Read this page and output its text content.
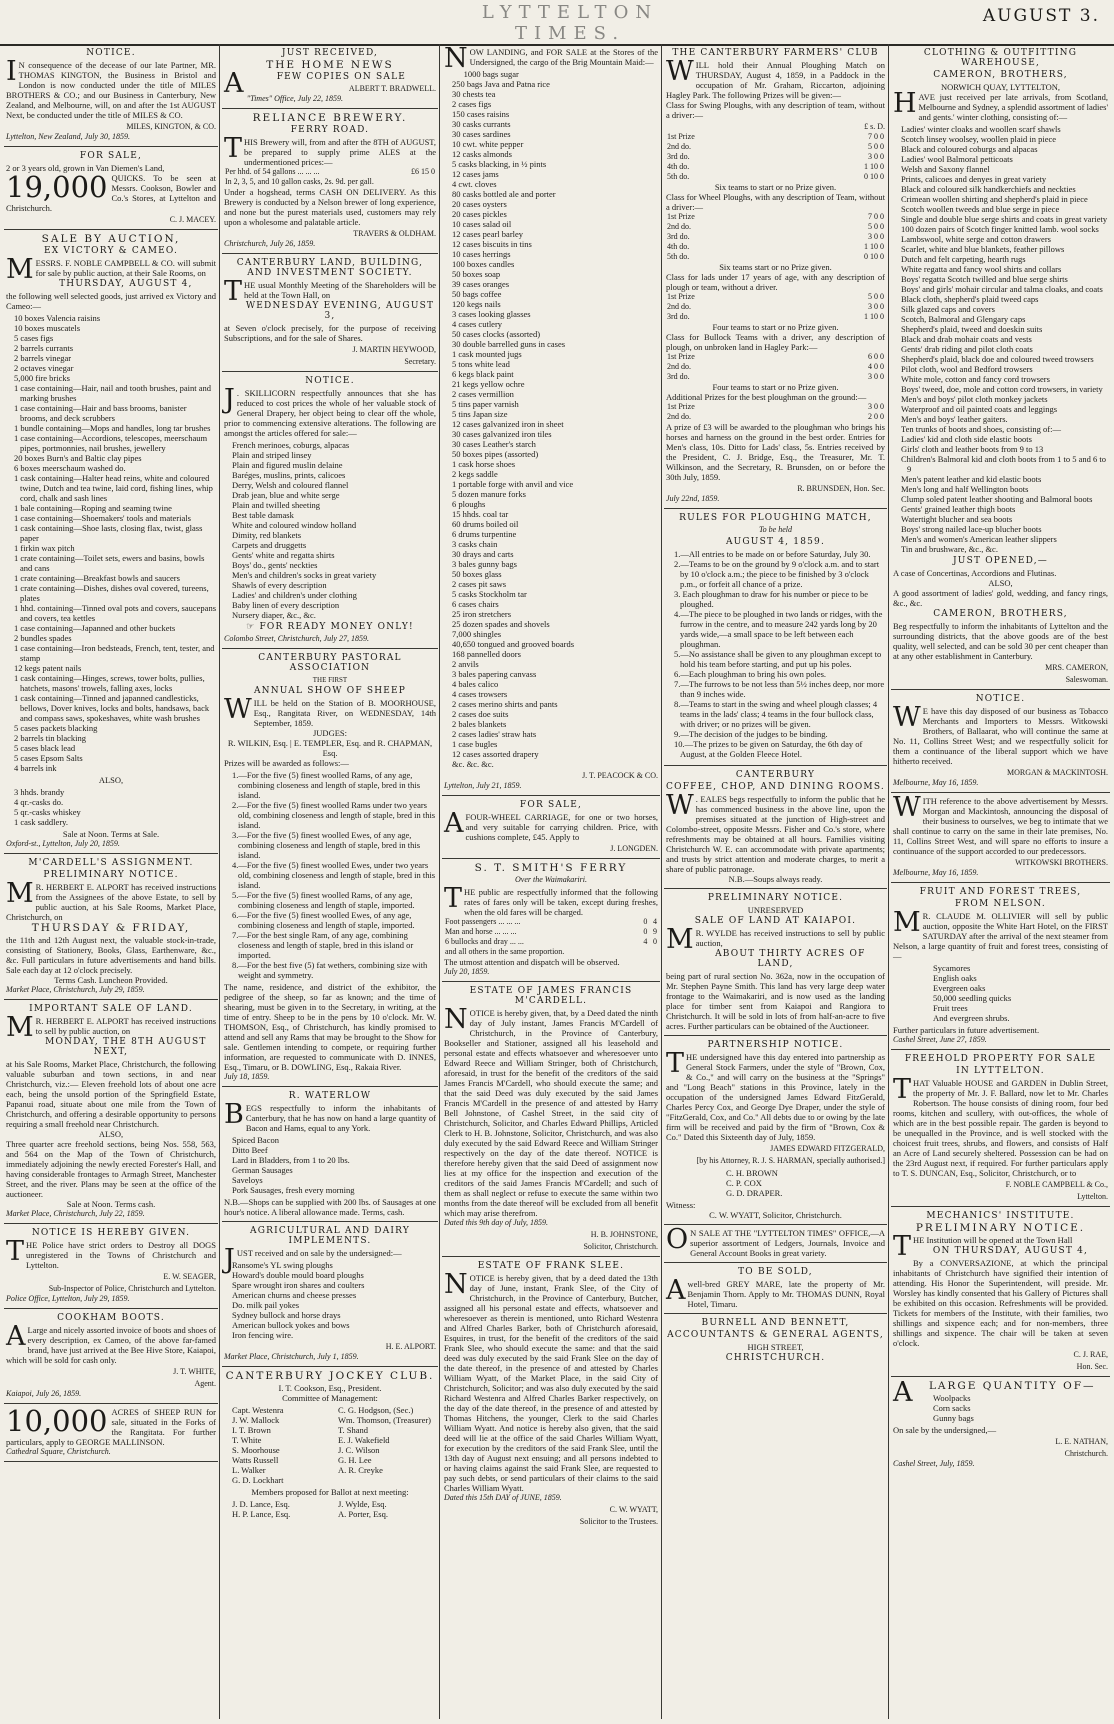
LYTTELTON TIMES.
AUGUST 3.
NOTICE.
I N consequence of the decease of our late Partner, MR. THOMAS KINGTON, the Business in Bristol and London is now conducted under the title of MILES BROTHERS & CO.; and our Business in Canterbury, New Zealand, and Melbourne, will, on and after the 1st AUGUST Next, be conducted under the title of MILES & CO.
MILES, KINGTON, & CO.
Lyttelton, New Zealand, July 30, 1859.
FOR SALE,
2 or 3 years old, grown in Van Diemen's Land,
19,000 QUICKS. To be seen at Messrs. Cookson, Bowler and Co.'s Stores, at Lyttelton and Christchurch.
C. J. MACEY.
SALE BY AUCTION,
EX VICTORY & CAMEO.
MESSRS. F. NOBLE CAMPBELL & CO. will submit for sale by public auction, at their Sale Rooms, on
THURSDAY, AUGUST 4,
the following well selected goods, just arrived ex Victory and Cameo:—
10 boxes Valencia raisins
10 boxes muscatels
5 cases figs
2 barrels currants
2 barrels vinegar
2 octaves vinegar
5,000 fire bricks
1 case containing—Hair, nail and tooth brushes, paint and marking brushes
1 case containing—Hair and bass brooms, banister brooms, and deck scrubbers
1 bundle containing—Mops and handles, long tar brushes
1 case containing—Accordions, telescopes, meerschaum pipes, portmonnies, nail brushes, jewellery
20 boxes Burn's and Baltic clay pipes
6 boxes meerschaum washed do.
1 cask containing—Halter head reins, white and coloured twine, Dutch and tea twine, laid cord, fishing lines, whip cord, chalk and sash lines
1 bale containing—Roping and seaming twine
1 case containing—Shoemakers' tools and materials
1 cask containing—Shoe lasts, closing flax, twist, glass paper
1 firkin wax pitch
1 crate containing—Toilet sets, ewers and basins, bowls and cans
1 crate containing—Breakfast bowls and saucers
1 crate containing—Dishes, dishes oval covered, tureens, plates
1 hhd. containing—Tinned oval pots and covers, saucepans and covers, tea kettles
1 case containing—Japanned and other buckets
2 bundles spades
1 case containing—Iron bedsteads, French, tent, tester, and stamp
12 kegs patent nails
1 cask containing—Hinges, screws, tower bolts, pullies, hatchets, masons' trowels, falling axes, locks
1 cask containing—Tinned and japanned candlesticks, bellows, Dover knives, locks and bolts, handsaws, back and compass saws, spokeshaves, white wash brushes
5 cases packets blacking
2 barrels tin blacking
5 cases black lead
5 cases Epsom Salts
4 barrels ink
ALSO,
3 hhds. brandy
4 qr.-casks do.
5 qr.-casks whiskey
1 cask saddlery.
Sale at Noon. Terms at Sale.
Oxford-st., Lyttelton, July 20, 1859.
M'CARDELL'S ASSIGNMENT.
PRELIMINARY NOTICE.
M R. HERBERT E. ALPORT has received instructions from the Assignees of the above Estate, to sell by public auction, at his Sale Rooms, Market Place, Christchurch, on
THURSDAY & FRIDAY,
the 11th and 12th August next, the valuable stock-in-trade, consisting of Stationery, Books, Glass, Earthenware, &c., &c. Full particulars in future advertisements and hand bills. Sale each day at 12 o'clock precisely.
Terms Cash. Luncheon Provided.
Market Place, Christchurch, July 29, 1859.
IMPORTANT SALE OF LAND.
M R. HERBERT E. ALPORT has received instructions to sell by public auction, on
MONDAY, THE 8TH AUGUST NEXT,
at his Sale Rooms, Market Place, Christchurch, the following valuable suburban and town sections, in and near Christchurch, viz.:— Eleven freehold lots of about one acre each, being the unsold portion of the Springfield Estate, Papanui road, situate about one mile from the Town of Christchurch, and offering a desirable opportunity to persons requiring a small freehold near Christchurch.
ALSO,
Three quarter acre freehold sections, being Nos. 558, 563, and 564 on the Map of the Town of Christchurch, immediately adjoining the newly erected Forester's Hall, and having considerable frontages to Armagh Street, Manchester Street, and the river. Plans may be seen at the office of the auctioneer.
Sale at Noon. Terms cash.
Market Place, Christchurch, July 22, 1859.
NOTICE IS HEREBY GIVEN.
THE Police have strict orders to Destroy all DOGS unregistered in the Towns of Christchurch and Lyttelton.
E. W. SEAGER,
Sub-Inspector of Police, Christchurch and Lyttelton.
Police Office, Lyttelton, July 29, 1859.
COOKHAM BOOTS.
A Large and nicely assorted invoice of boots and shoes of every description, ex Cameo, of the above far-famed brand, have just arrived at the Bee Hive Store, Kaiapoi, which will be sold for cash only.
J. T. WHITE,
Agent.
Kaiapoi, July 26, 1859.
10,000 ACRES of SHEEP RUN for sale, situated in the Forks of the Rangitata. For further particulars, apply to GEORGE MALLINSON.
Cathedral Square, Christchurch.
JUST RECEIVED,
THE HOME NEWS
A	FEW COPIES ON SALE
ALBERT T. BRADWELL.
"Times" Office, July 22, 1859.
RELIANCE BREWERY.
FERRY ROAD.
THIS Brewery will, from and after the 8TH of AUGUST, be prepared to supply prime ALES at the undermentioned prices:—
Per hhd. of 54 gallons ... ... ...	£6 15 0
In 2, 3, 5, and 10 gallon casks, 2s. 9d. per gall.	
Under a hogshead, terms CASH ON DELIVERY. As this Brewery is conducted by a Nelson brewer of long experience, and none but the purest materials used, customers may rely upon a wholesome and palatable article.
TRAVERS & OLDHAM.
Christchurch, July 26, 1859.
CANTERBURY LAND, BUILDING, AND INVESTMENT SOCIETY.
THE usual Monthly Meeting of the Shareholders will be held at the Town Hall, on
WEDNESDAY EVENING, AUGUST 3,
at Seven o'clock precisely, for the purpose of receiving Subscriptions, and for the sale of Shares.
J. MARTIN HEYWOOD,
Secretary.
NOTICE.
J . SKILLICORN respectfully announces that she has reduced to cost prices the whole of her valuable stock of General Drapery, her object being to clear off the whole, prior to commencing extensive alterations. The following are amongst the articles offered for sale:—
French merinoes, coburgs, alpacas
Plain and striped linsey
Plain and figured muslin delaine
Baréges, muslins, prints, calicoes
Derry, Welsh and coloured flannel
Drab jean, blue and white serge
Plain and twilled sheeting
Best table damask
White and coloured window holland
Dimity, red blankets
Carpets and druggetts
Gents' white and regatta shirts
Boys' do., gents' neckties
Men's and children's socks in great variety
Shawls of every description
Ladies' and children's under clothing
Baby linen of every description
Nursery diaper, &c., &c.
☞ FOR READY MONEY ONLY!
Colombo Street, Christchurch, July 27, 1859.
CANTERBURY PASTORAL ASSOCIATION
THE FIRST
ANNUAL SHOW OF SHEEP
WILL be held on the Station of B. MOORHOUSE, Esq., Rangitata River, on WEDNESDAY, 14th September, 1859.
JUDGES:
R. WILKIN, Esq. | E. TEMPLER, Esq. and R. CHAPMAN, Esq.
Prizes will be awarded as follows:—
1.—For the five (5) finest woolled Rams, of any age, combining closeness and length of staple, bred in this island.
2.—For the five (5) finest woolled Rams under two years old, combining closeness and length of staple, bred in this island.
3.—For the five (5) finest woolled Ewes, of any age, combining closeness and length of staple, bred in this island.
4.—For the five (5) finest woolled Ewes, under two years old, combining closeness and length of staple, bred in this island.
5.—For the five (5) finest woolled Rams, of any age, combining closeness and length of staple, imported.
6.—For the five (5) finest woolled Ewes, of any age, combining closeness and length of staple, imported.
7.—For the best single Ram, of any age, combining closeness and length of staple, bred in this island or imported.
8.—For the best five (5) fat wethers, combining size with weight and symmetry.
The name, residence, and district of the exhibitor, the pedigree of the sheep, so far as known; and the time of shearing, must be given in to the Secretary, in writing, at the time of entry. Sheep to be in the pens by 10 o'clock. Mr. W. THOMSON, Esq., of Christchurch, has kindly promised to attend and sell any Rams that may be brought to the Show for sale. Gentlemen intending to compete, or requiring further information, are requested to communicate with D. INNES, Esq., Timaru, or B. DOWLING, Esq., Rakaia River.
July 18, 1859.
R. WATERLOW
BEGS respectfully to inform the inhabitants of Canterbury, that he has now on hand a large quantity of Bacon and Hams, equal to any York.
Spiced Bacon
Ditto Beef
Lard in Bladders, from 1 to 20 lbs.
German Sausages
Saveloys
Pork Sausages, fresh every morning
N.B.—Shops can be supplied with 200 lbs. of Sausages at one hour's notice. A liberal allowance made. Terms, cash.
AGRICULTURAL AND DAIRY IMPLEMENTS.
JUST received and on sale by the undersigned:—
Ransome's YL swing ploughs
Howard's double mould board ploughs
Spare wrought iron shares and coulters
American churns and cheese presses
Do. milk pail yokes
Sydney bullock and horse drays
American bullock yokes and bows
Iron fencing wire.
H. E. ALPORT.
Market Place, Christchurch, July 1, 1859.
CANTERBURY JOCKEY CLUB.
I. T. Cookson, Esq., President.
Committee of Management:
Capt. Westenra
J. W. Mallock
I. T. Brown
T. White
S. Moorhouse
Watts Russell
L. Walker
G. D. Lockhart
C. G. Hodgson, (Sec.)
Wm. Thomson, (Treasurer)
T. Shand
E. J. Wakefield
J. C. Wilson
G. H. Lee
A. R. Creyke
Members proposed for Ballot at next meeting:
J. D. Lance, Esq.
H. P. Lance, Esq.
J. Wylde, Esq.
A. Porter, Esq.
NOW LANDING, and FOR SALE at the Stores of the Undersigned, the cargo of the Brig Mountain Maid:—
1000 bags sugar
250 bags Java and Patna rice
30 chests tea
2 cases figs
150 cases raisins
30 casks currants
30 cases sardines
10 cwt. white pepper
12 casks almonds
5 casks blacking, in ½ pints
12 cases jams
4 cwt. cloves
80 casks bottled ale and porter
20 cases oysters
20 cases pickles
10 cases salad oil
12 cases pearl barley
12 cases biscuits in tins
10 cases herrings
100 boxes candles
50 boxes soap
39 cases oranges
50 bags coffee
120 kegs nails
3 cases looking glasses
4 cases cutlery
50 cases clocks (assorted)
30 double barrelled guns in cases
1 cask mounted jugs
5 tons white lead
6 kegs black paint
21 kegs yellow ochre
2 cases vermillion
5 tins paper varnish
5 tins Japan size
12 cases galvanized iron in sheet
30 cases galvanized iron tiles
30 cases Leather's starch
50 boxes pipes (assorted)
1 cask horse shoes
2 kegs saddle
1 portable forge with anvil and vice
5 dozen manure forks
6 ploughs
15 hhds. coal tar
60 drums boiled oil
6 drums turpentine
3 casks chain
30 drays and carts
3 bales gunny bags
50 boxes glass
2 cases pit saws
5 casks Stockholm tar
6 cases chairs
25 iron stretchers
25 dozen spades and shovels
7,000 shingles
40,650 tongued and grooved boards
168 pannelled doors
2 anvils
3 bales papering canvass
4 bales calico
4 cases trowsers
2 cases merino shirts and pants
2 cases doe suits
2 bales blankets
2 cases ladies' straw hats
1 case bugles
12 cases assorted drapery
&c. &c. &c.
J. T. PEACOCK & CO.
Lyttelton, July 21, 1859.
FOR SALE,
AFOUR-WHEEL CARRIAGE, for one or two horses, and very suitable for carrying children. Price, with cushions complete, £45. Apply to
J. LONGDEN.
S. T. SMITH'S FERRY
Over the Waimakariri.
THE public are respectfully informed that the following rates of fares only will be taken, except during freshes, when the old fares will be charged.
Foot passengers ... ... ...	0	4
Man and horse ... ... ...	0	9
6 bullocks and dray ... ...	4	0
and all others in the same proportion.		
The utmost attention and dispatch will be observed.
July 20, 1859.
ESTATE OF JAMES FRANCIS M'CARDELL.
NOTICE is hereby given, that, by a Deed dated the ninth day of July instant, James Francis M'Cardell of Christchurch, in the Province of Canterbury, Bookseller and Stationer, assigned all his leasehold and personal estate and effects whatsoever and wheresoever unto Edward Reece and William Stringer, both of Christchurch, aforesaid, in trust for the benefit of the creditors of the said James Francis M'Cardell, who should execute the same; and that the said Deed was duly executed by the said James Francis M'Cardell in the presence of and attested by Harry Bell Johnstone, of Cashel Street, in the said city of Christchurch, Solicitor, and Charles Edward Phillips, Articled Clerk to H. B. Johnstone, Solicitor, Christchurch, and was also duly executed by the said Edward Reece and William Stringer respectively on the day of the date thereof. NOTICE is therefore hereby given that the said Deed of assignment now lies at my office for the inspection and execution of the creditors of the said James Francis M'Cardell; and such of them as shall neglect or refuse to execute the same within two months from the date thereof will be excluded from all benefit which may arise therefrom.
Dated this 9th day of July, 1859.
H. B. JOHNSTONE,
Solicitor, Christchurch.
ESTATE OF FRANK SLEE.
NOTICE is hereby given, that by a deed dated the 13th day of June, instant, Frank Slee, of the City of Christchurch, in the Province of Canterbury, Butcher, assigned all his personal estate and effects, whatsoever and wheresoever as therein is mentioned, unto Richard Westenra and Alfred Charles Barker, both of Christchurch aforesaid, Esquires, in trust, for the benefit of the creditors of the said Frank Slee, who should execute the same: and that the said deed was duly executed by the said Frank Slee on the day of the date thereof, in the presence of and attested by Charles William Wyatt, of the Market Place, in the said City of Christchurch, Solicitor; and was also duly executed by the said Richard Westenra and Alfred Charles Barker respectively, on the day of the date thereof, in the presence of and attested by Thomas Hitchens, the younger, Clerk to the said Charles William Wyatt. And notice is hereby also given, that the said deed will lie at the office of the said Charles William Wyatt, for execution by the creditors of the said Frank Slee, until the 13th day of August next ensuing; and all persons indebted to or having claims against the said Frank Slee, are requested to pay such debts, or send particulars of their claims to the said Charles William Wyatt.
Dated this 15th DAY of JUNE, 1859.
C. W. WYATT,
Solicitor to the Trustees.
THE CANTERBURY FARMERS' CLUB
WILL hold their Annual Ploughing Match on THURSDAY, August 4, 1859, in a Paddock in the occupation of Mr. Graham, Riccarton, adjoining Hagley Park. The following Prizes will be given:—
Class for Swing Ploughs, with any description of team, without a driver:—
£ s. D.
1st Prize	7 0 0
2nd do.	5 0 0
3rd do.	3 0 0
4th do.	1 10 0
5th do.	0 10 0
Six teams to start or no Prize given.
Class for Wheel Ploughs, with any description of Team, without a driver:—
1st Prize	7 0 0
2nd do.	5 0 0
3rd do.	3 0 0
4th do.	1 10 0
5th do.	0 10 0
Six teams start or no Prize given.
Class for lads under 17 years of age, with any description of plough or team, without a driver.
1st Prize	5 0 0
2nd do.	3 0 0
3rd do.	1 10 0
Four teams to start or no Prize given.
Class for Bullock Teams with a driver, any description of plough, on unbroken land in Hagley Park:—
1st Prize	6 0 0
2nd do.	4 0 0
3rd do.	3 0 0
Four teams to start or no Prize given.
Additional Prizes for the best ploughman on the ground:—
1st Prize	3 0 0
2nd do.	2 0 0
A prize of £3 will be awarded to the ploughman who brings his horses and harness on the ground in the best order. Entries for Men's class, 10s. Ditto for Lads' class, 5s. Entries received by the President, C. J. Bridge, Esq., the Treasurer, Mr. T. Wilkinson, and the Secretary, R. Brunsden, on or before the 30th July, 1859.
R. BRUNSDEN, Hon. Sec.
July 22nd, 1859.
RULES FOR PLOUGHING MATCH,
To be held
AUGUST 4, 1859.
1.—All entries to be made on or before Saturday, July 30.
2.—Teams to be on the ground by 9 o'clock a.m. and to start by 10 o'clock a.m.; the piece to be finished by 3 o'clock p.m., or forfeit all chance of a prize.
3. Each ploughman to draw for his number or piece to be ploughed.
4.—The piece to be ploughed in two lands or ridges, with the furrow in the centre, and to measure 242 yards long by 20 yards wide,—a small space to be left between each ploughman.
5.—No assistance shall be given to any ploughman except to hold his team before starting, and put up his poles.
6.—Each ploughman to bring his own poles.
7.—The furrows to be not less than 5½ inches deep, nor more than 9 inches wide.
8.—Teams to start in the swing and wheel plough classes; 4 teams in the lads' class; 4 teams in the four bullock class, with driver; or no prizes will be given.
9.—The decision of the judges to be binding.
10.—The prizes to be given on Saturday, the 6th day of August, at the Golden Fleece Hotel.
CANTERBURY
COFFEE, CHOP, AND DINING ROOMS.
W . EALES begs respectfully to inform the public that he has commenced business in the above line, upon the premises situated at the junction of High-street and Colombo-street, opposite Messrs. Fisher and Co.'s store, where refreshments may be obtained at all hours. Families visiting Christchurch W. E. can accommodate with private apartments; and trusts by strict attention and moderate charges, to merit a share of public patronage.
N.B.—Soups always ready.
PRELIMINARY NOTICE.
UNRESERVED
SALE OF LAND AT KAIAPOI.
M R. WYLDE has received instructions to sell by public auction,
ABOUT THIRTY ACRES OF LAND,
being part of rural section No. 362a, now in the occupation of Mr. Stephen Payne Smith. This land has very large deep water frontage to the Waimakariri, and is now used as the landing place for timber sent from Kaiapoi and Rangiora to Christchurch. It will be sold in lots of from half-an-acre to five acres. Further particulars can be obtained of the Auctioneer.
PARTNERSHIP NOTICE.
THE undersigned have this day entered into partnership as General Stock Farmers, under the style of "Brown, Cox, & Co.," and will carry on the business at the "Springs" and "Long Beach" stations in this Province, lately in the occupation of the undersigned James Edward FitzGerald, Charles Percy Cox, and George Dye Draper, under the style of "FitzGerald, Cox, and Co." All debts due to or owing by the late firm will be received and paid by the firm of "Brown, Cox & Co." Dated this Sixteenth day of July, 1859.
JAMES EDWARD FITZGERALD,
[by his Attorney, R. J. S. HARMAN, specially authorised.]
C. H. BROWN
C. P. COX
G. D. DRAPER.
Witness:
C. W. WYATT, Solicitor, Christchurch.
O N SALE AT THE "LYTTELTON TIMES" OFFICE,—A superior assortment of Ledgers, Journals, Invoice and General Account Books in great variety.
TO BE SOLD,
Awell-bred GREY MARE, late the property of Mr. Benjamin Thorn. Apply to Mr. THOMAS DUNN, Royal Hotel, Timaru.
BURNELL AND BENNETT,
ACCOUNTANTS & GENERAL AGENTS,
HIGH STREET,
CHRISTCHURCH.
CLOTHING & OUTFITTING WAREHOUSE,
CAMERON, BROTHERS,
NORWICH QUAY, LYTTELTON,
HAVE just received per late arrivals, from Scotland, Melbourne and Sydney, a splendid assortment of ladies' and gents.' winter clothing, consisting of:—
Ladies' winter cloaks and woollen scarf shawls
Scotch linsey woolsey, woollen plaid in piece
Black and coloured coburgs and alpacas
Ladies' wool Balmoral petticoats
Welsh and Saxony flannel
Prints, calicoes and denyes in great variety
Black and coloured silk handkerchiefs and neckties
Crimean woollen shirting and shepherd's plaid in piece
Scotch woollen tweeds and blue serge in piece
Single and double blue serge shirts and coats in great variety
100 dozen pairs of Scotch finger knitted lamb. wool socks
Lambswool, white serge and cotton drawers
Scarlet, white and blue blankets, feather pillows
Dutch and felt carpeting, hearth rugs
White regatta and fancy wool shirts and collars
Boys' regatta Scotch twilled and blue serge shirts
Boys' and girls' mohair circular and talma cloaks, and coats
Black cloth, shepherd's plaid tweed caps
Silk glazed caps and covers
Scotch, Balmoral and Glengary caps
Shepherd's plaid, tweed and doeskin suits
Black and drab mohair coats and vests
Gents' drab riding and pilot cloth coats
Shepherd's plaid, black doe and coloured tweed trowsers
Pilot cloth, wool and Bedford trowsers
White mole, cotton and fancy cord trowsers
Boys' tweed, doe, mole and cotton cord trowsers, in variety
Men's and boys' pilot cloth monkey jackets
Waterproof and oil painted coats and leggings
Men's and boys' leather gaiters.
Ten trunks of boots and shoes, consisting of:—
Ladies' kid and cloth side elastic boots
Girls' cloth and leather boots from 9 to 13
Children's Balmoral kid and cloth boots from 1 to 5 and 6 to 9
Men's patent leather and kid elastic boots
Men's long and half Wellington boots
Clump soled patent leather shooting and Balmoral boots
Gents' grained leather thigh boots
Watertight blucher and sea boots
Boys' strong nailed lace-up blucher boots
Men's and women's American leather slippers
Tin and brushware, &c., &c.
JUST OPENED,—
A case of Concertinas, Accordions and Flutinas.
ALSO,
A good assortment of ladies' gold, wedding, and fancy rings, &c., &c.
CAMERON, BROTHERS,
Beg respectfully to inform the inhabitants of Lyttelton and the surrounding districts, that the above goods are of the best quality, well selected, and can be sold 30 per cent cheaper than at any other establishment in Canterbury.
MRS. CAMERON,
Saleswoman.
NOTICE.
W E have this day disposed of our business as Tobacco Merchants and Importers to Messrs. Witkowski Brothers, of Ballaarat, who will continue the same at No. 11, Collins Street West; and we respectfully solicit for them a continuance of the liberal support which we have hitherto received.
MORGAN & MACKINTOSH.
Melbourne, May 16, 1859.
WITH reference to the above advertisement by Messrs. Morgan and Mackintosh, announcing the disposal of their business to ourselves, we beg to intimate that we shall continue to carry on the same in their late premises, No. 11, Collins Street West, and will spare no efforts to insure a continuance of the support accorded to our predecessors.
WITKOWSKI BROTHERS.
Melbourne, May 16, 1859.
FRUIT AND FOREST TREES,
FROM NELSON.
M R. CLAUDE M. OLLIVIER will sell by public auction, opposite the White Hart Hotel, on the FIRST SATURDAY after the arrival of the next steamer from Nelson, a large quantity of fruit and forest trees, consisting of—
Sycamores
English oaks
Evergreen oaks
50,000 seedling quicks
Fruit trees
And evergreen shrubs.
Further particulars in future advertisement.
Cashel Street, June 27, 1859.
FREEHOLD PROPERTY FOR SALE
IN LYTTELTON.
THAT Valuable HOUSE and GARDEN in Dublin Street, the property of Mr. J. F. Ballard, now let to Mr. Charles Robertson. The house consists of dining room, four bed rooms, kitchen and scullery, with out-offices, the whole of which are in the best possible repair. The garden is beyond to be unequalled in the Province, and is well stocked with the choicest fruit trees, shrubs, and flowers, and consists of Half an Acre of Land securely sheltered. Possession can be had on the 23rd August next, if required. For further particulars apply to T. S. DUNCAN, Esq., Solicitor, Christchurch, or to
F. NOBLE CAMPBELL & Co.,
Lyttelton.
MECHANICS' INSTITUTE.
PRELIMINARY NOTICE.
THE Institution will be opened at the Town Hall
ON THURSDAY, AUGUST 4,
By a CONVERSAZIONE, at which the principal inhabitants of Christchurch have signified their intention of attending. His Honor the Superintendent, will preside. Mr. Worsley has kindly consented that his Gallery of Pictures shall be exhibited on this occasion. Refreshments will be provided. Tickets for members of the Institute, with their families, two shillings and sixpence each; and for non-members, three shillings and sixpence. The chair will be taken at seven o'clock.
C. J. RAE,
Hon. Sec.
A LARGE QUANTITY OF—
Woolpacks
Corn sacks
Gunny bags
On sale by the undersigned,—
L. E. NATHAN,
Christchurch.
Cashel Street, July, 1859.
